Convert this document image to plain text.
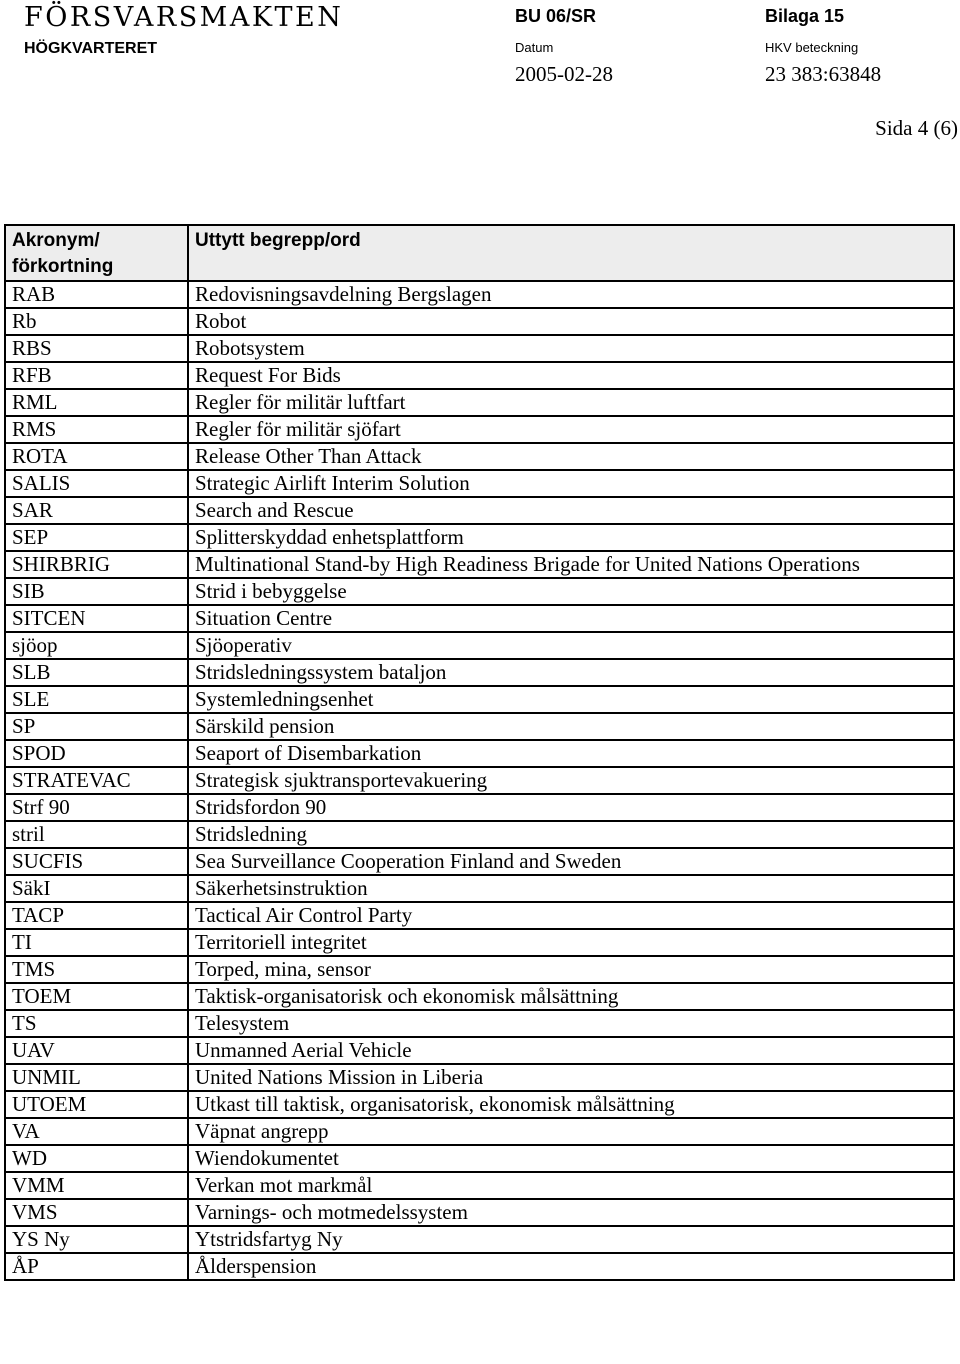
FÖRSVARSMAKTEN
HÖGKVARTERET
BU 06/SR	Bilaga 15
Datum	HKV beteckning
2005-02-28	23 383:63848
Sida 4 (6)
Akronym/ förkortning	Uttytt begrepp/ord
RAB	Redovisningsavdelning Bergslagen
Rb	Robot
RBS	Robotsystem
RFB	Request For Bids
RML	Regler för militär luftfart
RMS	Regler för militär sjöfart
ROTA	Release Other Than Attack
SALIS	Strategic Airlift Interim Solution
SAR	Search and Rescue
SEP	Splitterskyddad enhetsplattform
SHIRBRIG	Multinational Stand-by High Readiness Brigade for United Nations Operations
SIB	Strid i bebyggelse
SITCEN	Situation Centre
sjöop	Sjöoperativ
SLB	Stridsledningssystem bataljon
SLE	Systemledningsenhet
SP	Särskild pension
SPOD	Seaport of Disembarkation
STRATEVAC	Strategisk sjuktransportevakuering
Strf 90	Stridsfordon 90
stril	Stridsledning
SUCFIS	Sea Surveillance Cooperation Finland and Sweden
SäkI	Säkerhetsinstruktion
TACP	Tactical Air Control Party
TI	Territoriell integritet
TMS	Torped, mina, sensor
TOEM	Taktisk-organisatorisk och ekonomisk målsättning
TS	Telesystem
UAV	Unmanned Aerial Vehicle
UNMIL	United Nations Mission in Liberia
UTOEM	Utkast till taktisk, organisatorisk, ekonomisk målsättning
VA	Väpnat angrepp
WD	Wiendokumentet
VMM	Verkan mot markmål
VMS	Varnings- och motmedelssystem
YS Ny	Ytstridsfartyg Ny
ÅP	Ålderspension
